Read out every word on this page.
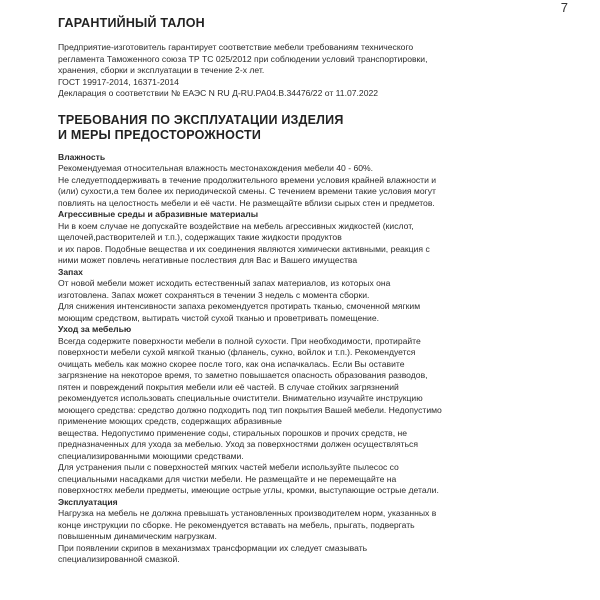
7
ГАРАНТИЙНЫЙ ТАЛОН

Предприятие-изготовитель гарантирует соответствие мебели требованиям технического

регламента Таможенного союза ТР ТС 025/2012 при соблюдении условий транспортировки,

хранения, сборки и эксплуатации в течение 2-х лет.

ГОСТ 19917-2014, 16371-2014

Декларация о соответствии № ЕАЭС N RU Д-RU.РА04.В.34476/22 от 11.07.2022

ТРЕБОВАНИЯ ПО ЭКСПЛУАТАЦИИ ИЗДЕЛИЯ
И МЕРЫ ПРЕДОСТОРОЖНОСТИ

Влажность

Рекомендуемая относительная влажность местонахождения мебели 40 - 60%.

Не следуетподдерживать в течение продолжительного времени условия крайней влажности и

(или) сухости,а тем более их периодической смены. С течением времени такие условия могут

повлиять на целостность мебели и её части. Не размещайте вблизи сырых стен и предметов.

Агрессивные среды и абразивные материалы

Ни в коем случае не допускайте воздействие на мебель агрессивных жидкостей (кислот,

щелочей,растворителей и т.п.), содержащих такие жидкости продуктов

и их паров. Подобные вещества и их соединения являются химически активными, реакция с

ними может повлечь негативные послествия для Вас и Вашего имущества

Запах

От новой мебели может исходить естественный запах материалов, из которых она

изготовлена. Запах может сохраняться в течении 3 недель с момента сборки.

Для снижения интенсивности запаха рекомендуется протирать тканью, смоченной мягким

моющим средством, вытирать чистой сухой тканью и проветривать помещение.

Уход за мебелью

Всегда содержите поверхности мебели в полной сухости. При необходимости, протирайте

поверхности мебели сухой мягкой тканью (фланель, сукно, войлок и т.п.). Рекомендуется

очищать мебель как можно скорее после того, как она испачкалась. Если Вы оставите

загрязнение на некоторое время, то заметно повышается опасность образования разводов,

пятен и повреждений покрытия мебели или её частей. В случае стойких загрязнений

рекомендуется использовать специальные очистители. Внимательно изучайте инструкцию

моющего средства: средство должно подходить под тип покрытия Вашей мебели. Недопустимо

применение моющих средств, содержащих абразивные

вещества. Недопустимо применение соды, стиральных порошков и прочих средств, не

предназначенных для ухода за мебелью. Уход за поверхностями должен осуществляться

специализированными моющими средствами.

Для устранения пыли с поверхностей мягких частей мебели используйте пылесос со

специальными насадками для чистки мебели. Не размещайте и не перемещайте на

поверхностях мебели предметы, имеющие острые углы, кромки, выступающие острые детали.

Эксплуатация

Нагрузка на мебель не должна превышать установленных производителем норм, указанных в

конце инструкции по сборке. Не рекомендуется вставать на мебель, прыгать, подвергать

повышенным динамическим нагрузкам.

При появлении скрипов в механизмах трансформации их следует смазывать

специализированной смазкой.
